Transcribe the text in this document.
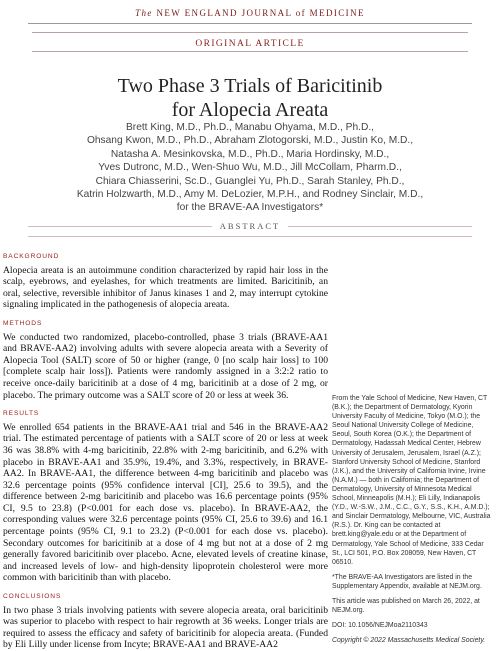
The NEW ENGLAND JOURNAL of MEDICINE
ORIGINAL ARTICLE
Two Phase 3 Trials of Baricitinib
for Alopecia Areata
Brett King, M.D., Ph.D., Manabu Ohyama, M.D., Ph.D.,
Ohsang Kwon, M.D., Ph.D., Abraham Zlotogorski, M.D., Justin Ko, M.D.,
Natasha A. Mesinkovska, M.D., Ph.D., Maria Hordinsky, M.D.,
Yves Dutronc, M.D., Wen-Shuo Wu, M.D., Jill McCollam, Pharm.D.,
Chiara Chiasserini, Sc.D., Guanglei Yu, Ph.D., Sarah Stanley, Ph.D.,
Katrin Holzwarth, M.D., Amy M. DeLozier, M.P.H., and Rodney Sinclair, M.D.,
for the BRAVE-AA Investigators*
ABSTRACT
BACKGROUND

Alopecia areata is an autoimmune condition characterized by rapid hair loss in the scalp, eyebrows, and eyelashes, for which treatments are limited. Baricitinib, an oral, selective, reversible inhibitor of Janus kinases 1 and 2, may interrupt cytokine signaling implicated in the pathogenesis of alopecia areata.

METHODS

We conducted two randomized, placebo-controlled, phase 3 trials (BRAVE-AA1 and BRAVE-AA2) involving adults with severe alopecia areata with a Severity of Alopecia Tool (SALT) score of 50 or higher (range, 0 [no scalp hair loss] to 100 [complete scalp hair loss]). Patients were randomly assigned in a 3:2:2 ratio to receive once-daily baricitinib at a dose of 4 mg, baricitinib at a dose of 2 mg, or placebo. The primary outcome was a SALT score of 20 or less at week 36.

RESULTS

We enrolled 654 patients in the BRAVE-AA1 trial and 546 in the BRAVE-AA2 trial. The estimated percentage of patients with a SALT score of 20 or less at week 36 was 38.8% with 4-mg baricitinib, 22.8% with 2-mg baricitinib, and 6.2% with placebo in BRAVE-AA1 and 35.9%, 19.4%, and 3.3%, respectively, in BRAVE-AA2. In BRAVE-AA1, the difference between 4-mg baricitinib and placebo was 32.6 percentage points (95% confidence interval [CI], 25.6 to 39.5), and the difference between 2-mg baricitinib and placebo was 16.6 percentage points (95% CI, 9.5 to 23.8) (P<0.001 for each dose vs. placebo). In BRAVE-AA2, the corresponding values were 32.6 percentage points (95% CI, 25.6 to 39.6) and 16.1 percentage points (95% CI, 9.1 to 23.2) (P<0.001 for each dose vs. placebo). Secondary outcomes for baricitinib at a dose of 4 mg but not at a dose of 2 mg generally favored baricitinib over placebo. Acne, elevated levels of creatine kinase, and increased levels of low- and high-density lipoprotein cholesterol were more common with baricitinib than with placebo.

CONCLUSIONS

In two phase 3 trials involving patients with severe alopecia areata, oral baricitinib was superior to placebo with respect to hair regrowth at 36 weeks. Longer trials are required to assess the efficacy and safety of baricitinib for alopecia areata. (Funded by Eli Lilly under license from Incyte; BRAVE-AA1 and BRAVE-AA2

From the Yale School of Medicine, New Haven, CT (B.K.); the Department of Dermatology, Kyorin University Faculty of Medicine, Tokyo (M.O.); the Seoul National University College of Medicine, Seoul, South Korea (O.K.); the Department of Dermatology, Hadassah Medical Center, Hebrew University of Jerusalem, Jerusalem, Israel (A.Z.); Stanford University School of Medicine, Stanford (J.K.), and the University of California Irvine, Irvine (N.A.M.) — both in California; the Department of Dermatology, University of Minnesota Medical School, Minneapolis (M.H.); Eli Lilly, Indianapolis (Y.D., W.-S.W., J.M., C.C., G.Y., S.S., K.H., A.M.D.); and Sinclair Dermatology, Melbourne, VIC, Australia (R.S.). Dr. King can be contacted at brett.king@yale.edu or at the Department of Dermatology, Yale School of Medicine, 333 Cedar St., LCI 501, P.O. Box 208059, New Haven, CT 06510.

*The BRAVE-AA Investigators are listed in the Supplementary Appendix, available at NEJM.org.

This article was published on March 26, 2022, at NEJM.org.

DOI: 10.1056/NEJMoa2110343

Copyright © 2022 Massachusetts Medical Society.
